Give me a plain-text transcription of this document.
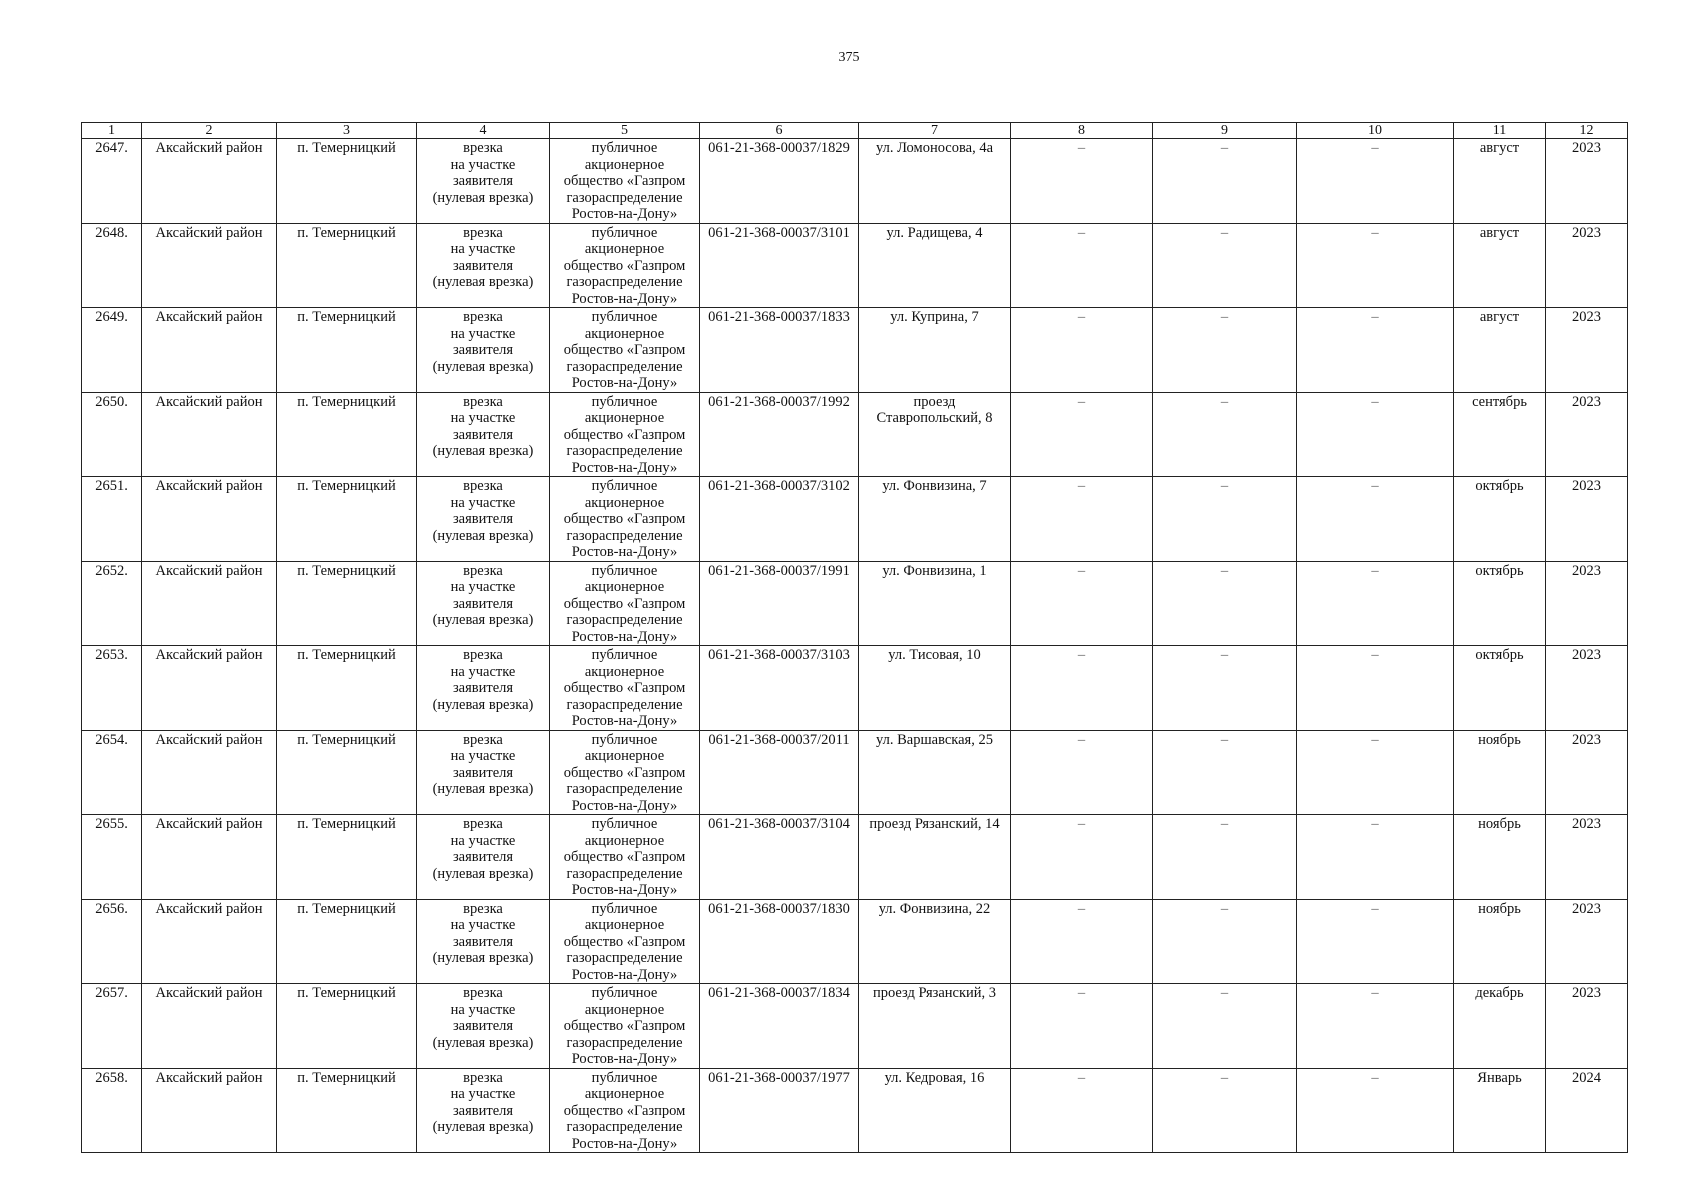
375
1	2	3	4	5	6	7	8	9	10	11	12
2647.	Аксайский район	п. Темерницкий	врезка
на участке
заявителя
(нулевая врезка)	публичное
акционерное
общество «Газпром
газораспределение
Ростов-на-Дону»	061-21-368-00037/1829	ул. Ломоносова, 4а	–	–	–	август	2023
2648.	Аксайский район	п. Темерницкий	врезка
на участке
заявителя
(нулевая врезка)	публичное
акционерное
общество «Газпром
газораспределение
Ростов-на-Дону»	061-21-368-00037/3101	ул. Радищева, 4	–	–	–	август	2023
2649.	Аксайский район	п. Темерницкий	врезка
на участке
заявителя
(нулевая врезка)	публичное
акционерное
общество «Газпром
газораспределение
Ростов-на-Дону»	061-21-368-00037/1833	ул. Куприна, 7	–	–	–	август	2023
2650.	Аксайский район	п. Темерницкий	врезка
на участке
заявителя
(нулевая врезка)	публичное
акционерное
общество «Газпром
газораспределение
Ростов-на-Дону»	061-21-368-00037/1992	проезд
Ставропольский, 8	–	–	–	сентябрь	2023
2651.	Аксайский район	п. Темерницкий	врезка
на участке
заявителя
(нулевая врезка)	публичное
акционерное
общество «Газпром
газораспределение
Ростов-на-Дону»	061-21-368-00037/3102	ул. Фонвизина, 7	–	–	–	октябрь	2023
2652.	Аксайский район	п. Темерницкий	врезка
на участке
заявителя
(нулевая врезка)	публичное
акционерное
общество «Газпром
газораспределение
Ростов-на-Дону»	061-21-368-00037/1991	ул. Фонвизина, 1	–	–	–	октябрь	2023
2653.	Аксайский район	п. Темерницкий	врезка
на участке
заявителя
(нулевая врезка)	публичное
акционерное
общество «Газпром
газораспределение
Ростов-на-Дону»	061-21-368-00037/3103	ул. Тисовая, 10	–	–	–	октябрь	2023
2654.	Аксайский район	п. Темерницкий	врезка
на участке
заявителя
(нулевая врезка)	публичное
акционерное
общество «Газпром
газораспределение
Ростов-на-Дону»	061-21-368-00037/2011	ул. Варшавская, 25	–	–	–	ноябрь	2023
2655.	Аксайский район	п. Темерницкий	врезка
на участке
заявителя
(нулевая врезка)	публичное
акционерное
общество «Газпром
газораспределение
Ростов-на-Дону»	061-21-368-00037/3104	проезд Рязанский, 14	–	–	–	ноябрь	2023
2656.	Аксайский район	п. Темерницкий	врезка
на участке
заявителя
(нулевая врезка)	публичное
акционерное
общество «Газпром
газораспределение
Ростов-на-Дону»	061-21-368-00037/1830	ул. Фонвизина, 22	–	–	–	ноябрь	2023
2657.	Аксайский район	п. Темерницкий	врезка
на участке
заявителя
(нулевая врезка)	публичное
акционерное
общество «Газпром
газораспределение
Ростов-на-Дону»	061-21-368-00037/1834	проезд Рязанский, 3	–	–	–	декабрь	2023
2658.	Аксайский район	п. Темерницкий	врезка
на участке
заявителя
(нулевая врезка)	публичное
акционерное
общество «Газпром
газораспределение
Ростов-на-Дону»	061-21-368-00037/1977	ул. Кедровая, 16	–	–	–	Январь	2024
